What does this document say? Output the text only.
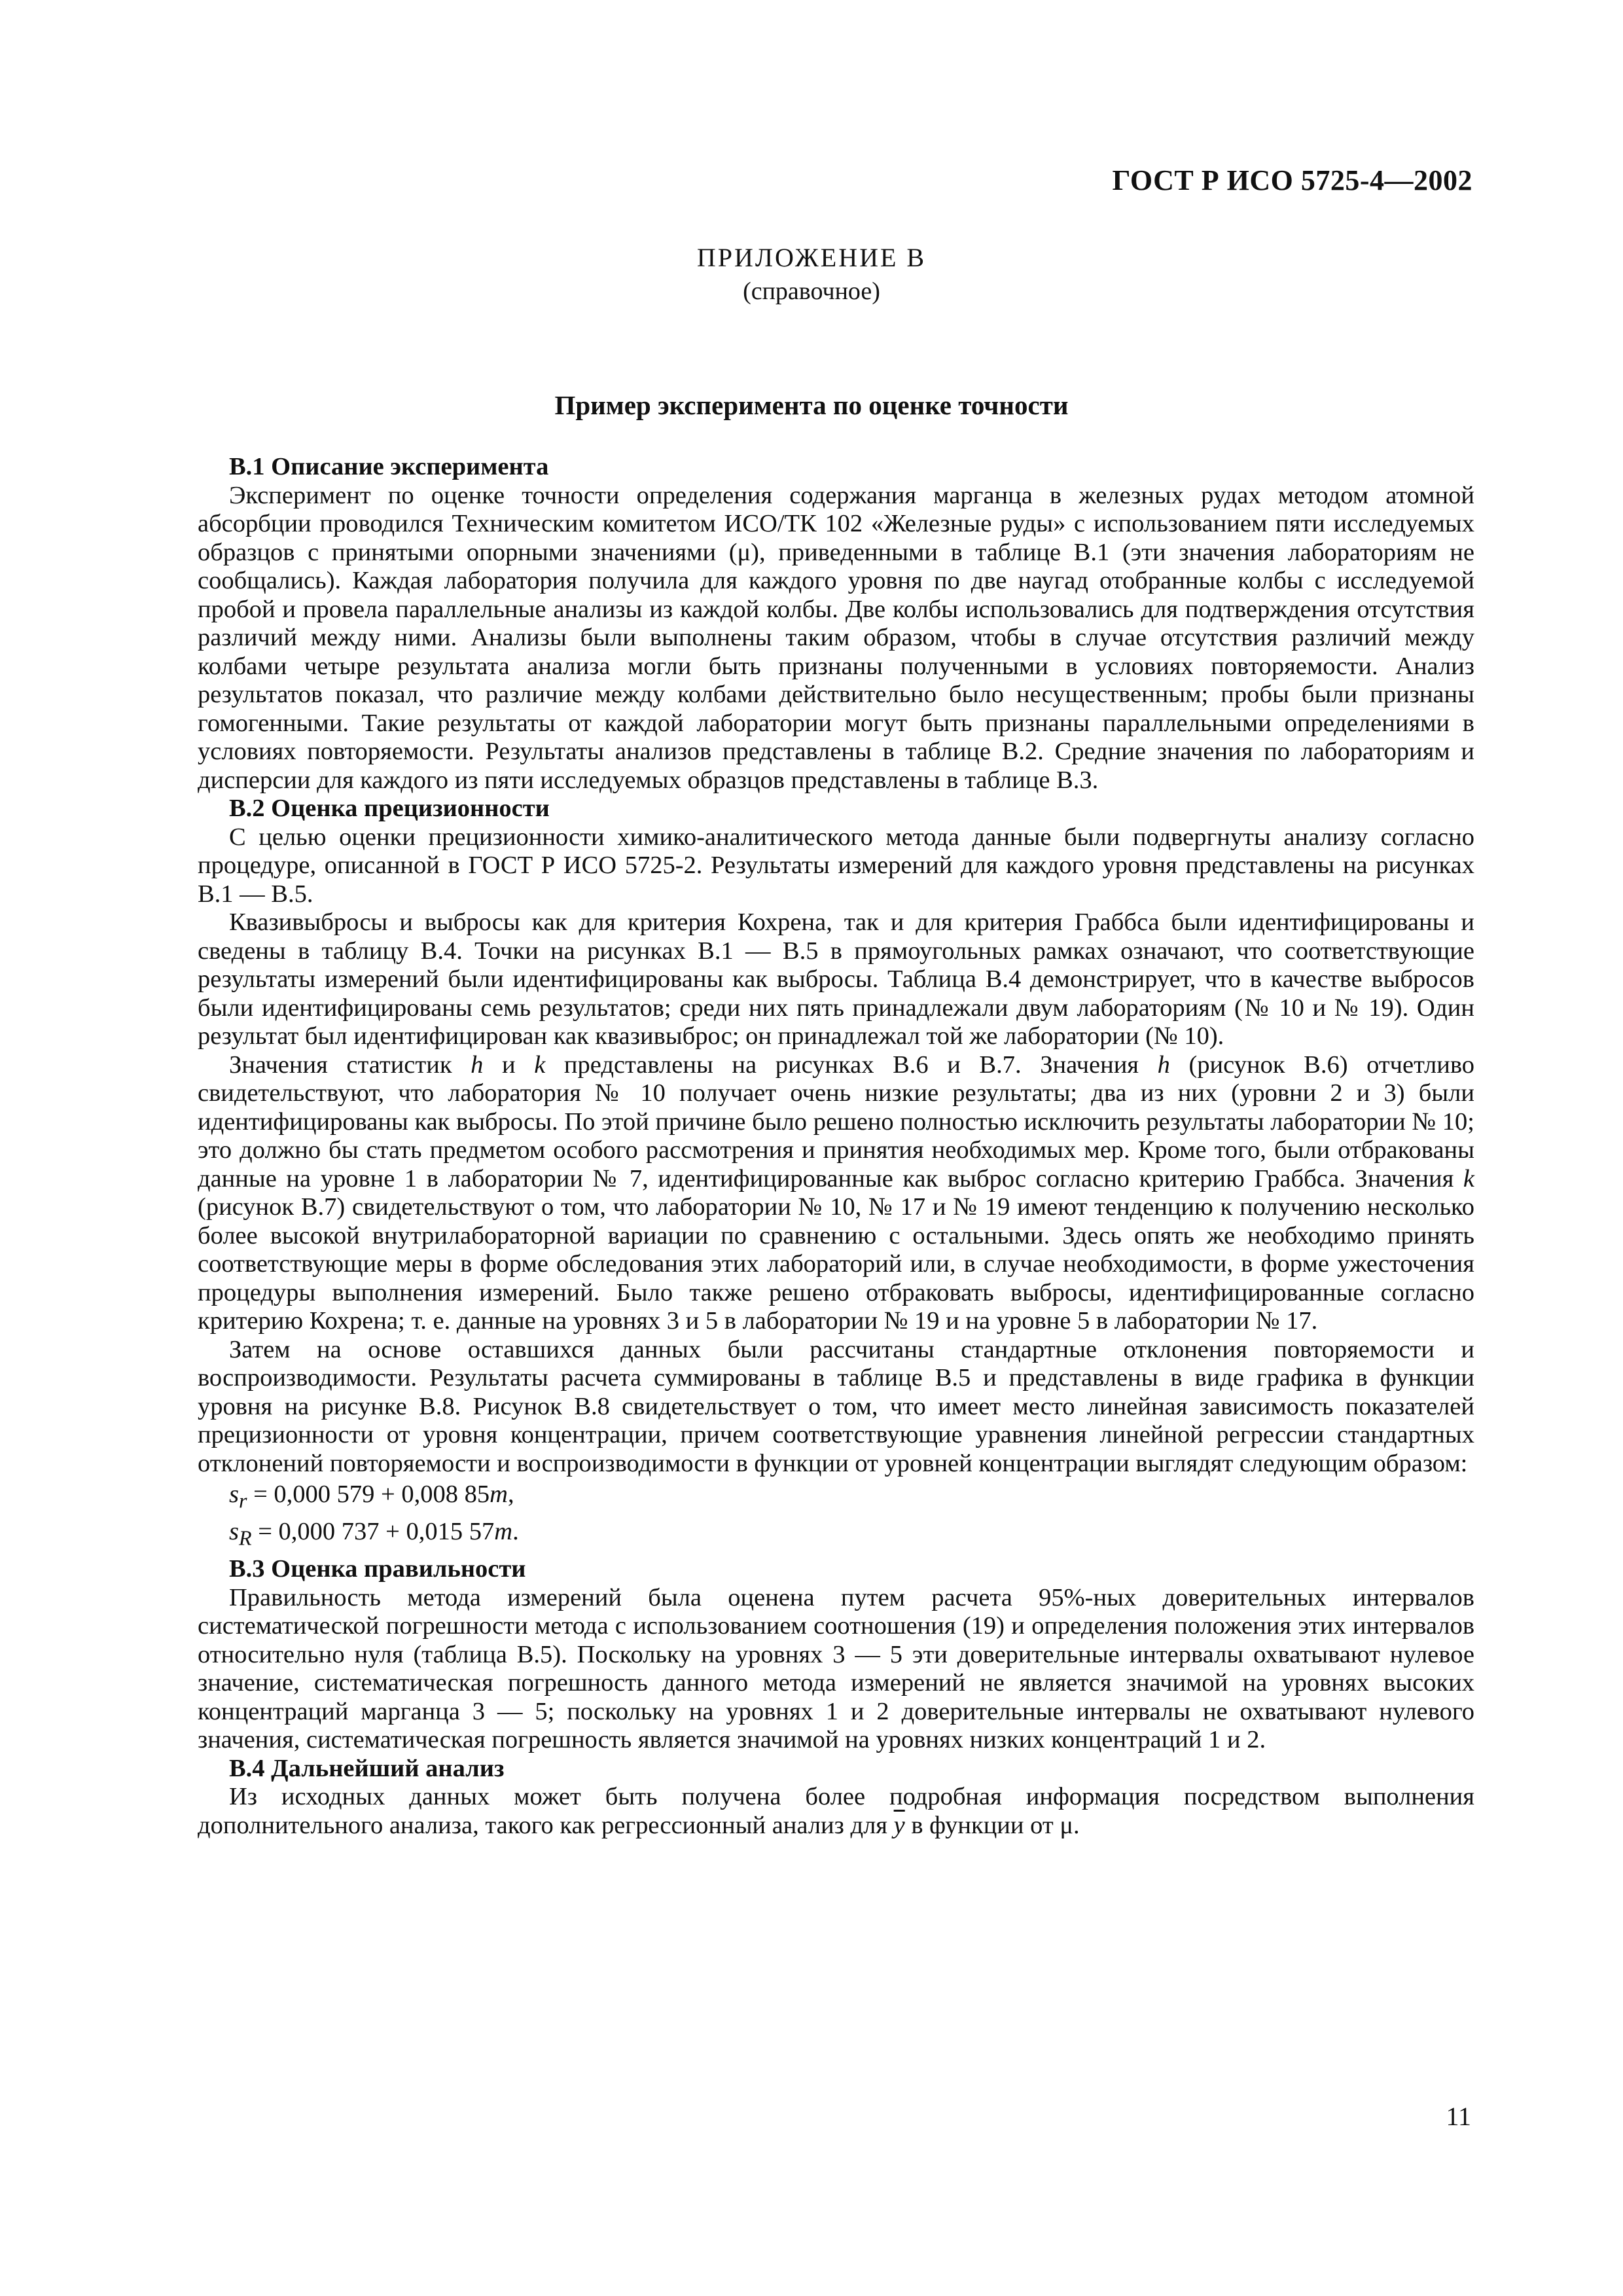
ГОСТ Р ИСО 5725-4—2002
ПРИЛОЖЕНИЕ В
(справочное)
Пример эксперимента по оценке точности
В.1 Описание эксперимента

Эксперимент по оценке точности определения содержания марганца в железных рудах методом атомной абсорбции проводился Техническим комитетом ИСО/ТК 102 «Железные руды» с использованием пяти исследуемых образцов с принятыми опорными значениями (μ), приведенными в таблице В.1 (эти значения лабораториям не сообщались). Каждая лаборатория получила для каждого уровня по две наугад отобранные колбы с исследуемой пробой и провела параллельные анализы из каждой колбы. Две колбы использовались для подтверждения отсутствия различий между ними. Анализы были выполнены таким образом, чтобы в случае отсутствия различий между колбами четыре результата анализа могли быть признаны полученными в условиях повторяемости. Анализ результатов показал, что различие между колбами действительно было несущественным; пробы были признаны гомогенными. Такие результаты от каждой лаборатории могут быть признаны параллельными определениями в условиях повторяемости. Результаты анализов представлены в таблице В.2. Средние значения по лабораториям и дисперсии для каждого из пяти исследуемых образцов представлены в таблице В.3.

В.2 Оценка прецизионности

С целью оценки прецизионности химико-аналитического метода данные были подвергнуты анализу согласно процедуре, описанной в ГОСТ Р ИСО 5725-2. Результаты измерений для каждого уровня представлены на рисунках В.1 — В.5.

Квазивыбросы и выбросы как для критерия Кохрена, так и для критерия Граббса были идентифицированы и сведены в таблицу В.4. Точки на рисунках В.1 — В.5 в прямоугольных рамках означают, что соответствующие результаты измерений были идентифицированы как выбросы. Таблица В.4 демонстрирует, что в качестве выбросов были идентифицированы семь результатов; среди них пять принадлежали двум лабораториям (№ 10 и № 19). Один результат был идентифицирован как квазивыброс; он принадлежал той же лаборатории (№ 10).

Значения статистик h и k представлены на рисунках В.6 и В.7. Значения h (рисунок В.6) отчетливо свидетельствуют, что лаборатория № 10 получает очень низкие результаты; два из них (уровни 2 и 3) были идентифицированы как выбросы. По этой причине было решено полностью исключить результаты лаборатории № 10; это должно бы стать предметом особого рассмотрения и принятия необходимых мер. Кроме того, были отбракованы данные на уровне 1 в лаборатории № 7, идентифицированные как выброс согласно критерию Граббса. Значения k (рисунок В.7) свидетельствуют о том, что лаборатории № 10, № 17 и № 19 имеют тенденцию к получению несколько более высокой внутрилабораторной вариации по сравнению с остальными. Здесь опять же необходимо принять соответствующие меры в форме обследования этих лабораторий или, в случае необходимости, в форме ужесточения процедуры выполнения измерений. Было также решено отбраковать выбросы, идентифицированные согласно критерию Кохрена; т. е. данные на уровнях 3 и 5 в лаборатории № 19 и на уровне 5 в лаборатории № 17.

Затем на основе оставшихся данных были рассчитаны стандартные отклонения повторяемости и воспроизводимости. Результаты расчета суммированы в таблице В.5 и представлены в виде графика в функции уровня на рисунке В.8. Рисунок В.8 свидетельствует о том, что имеет место линейная зависимость показателей прецизионности от уровня концентрации, причем соответствующие уравнения линейной регрессии стандартных отклонений повторяемости и воспроизводимости в функции от уровней концентрации выглядят следующим образом:

$s_r = 0,000$ 579 + 0,008 85m,
$s_R = 0,000$ 737 + 0,015 57m.
В.3 Оценка правильности

Правильность метода измерений была оценена путем расчета 95%-ных доверительных интервалов систематической погрешности метода с использованием соотношения (19) и определения положения этих интервалов относительно нуля (таблица В.5). Поскольку на уровнях 3 — 5 эти доверительные интервалы охватывают нулевое значение, систематическая погрешность данного метода измерений не является значимой на уровнях высоких концентраций марганца 3 — 5; поскольку на уровнях 1 и 2 доверительные интервалы не охватывают нулевого значения, систематическая погрешность является значимой на уровнях низких концентраций 1 и 2.

В.4 Дальнейший анализ

Из исходных данных может быть получена более подробная информация посредством выполнения дополнительного анализа, такого как регрессионный анализ для $\overline{y}$ в функции от μ.

11
